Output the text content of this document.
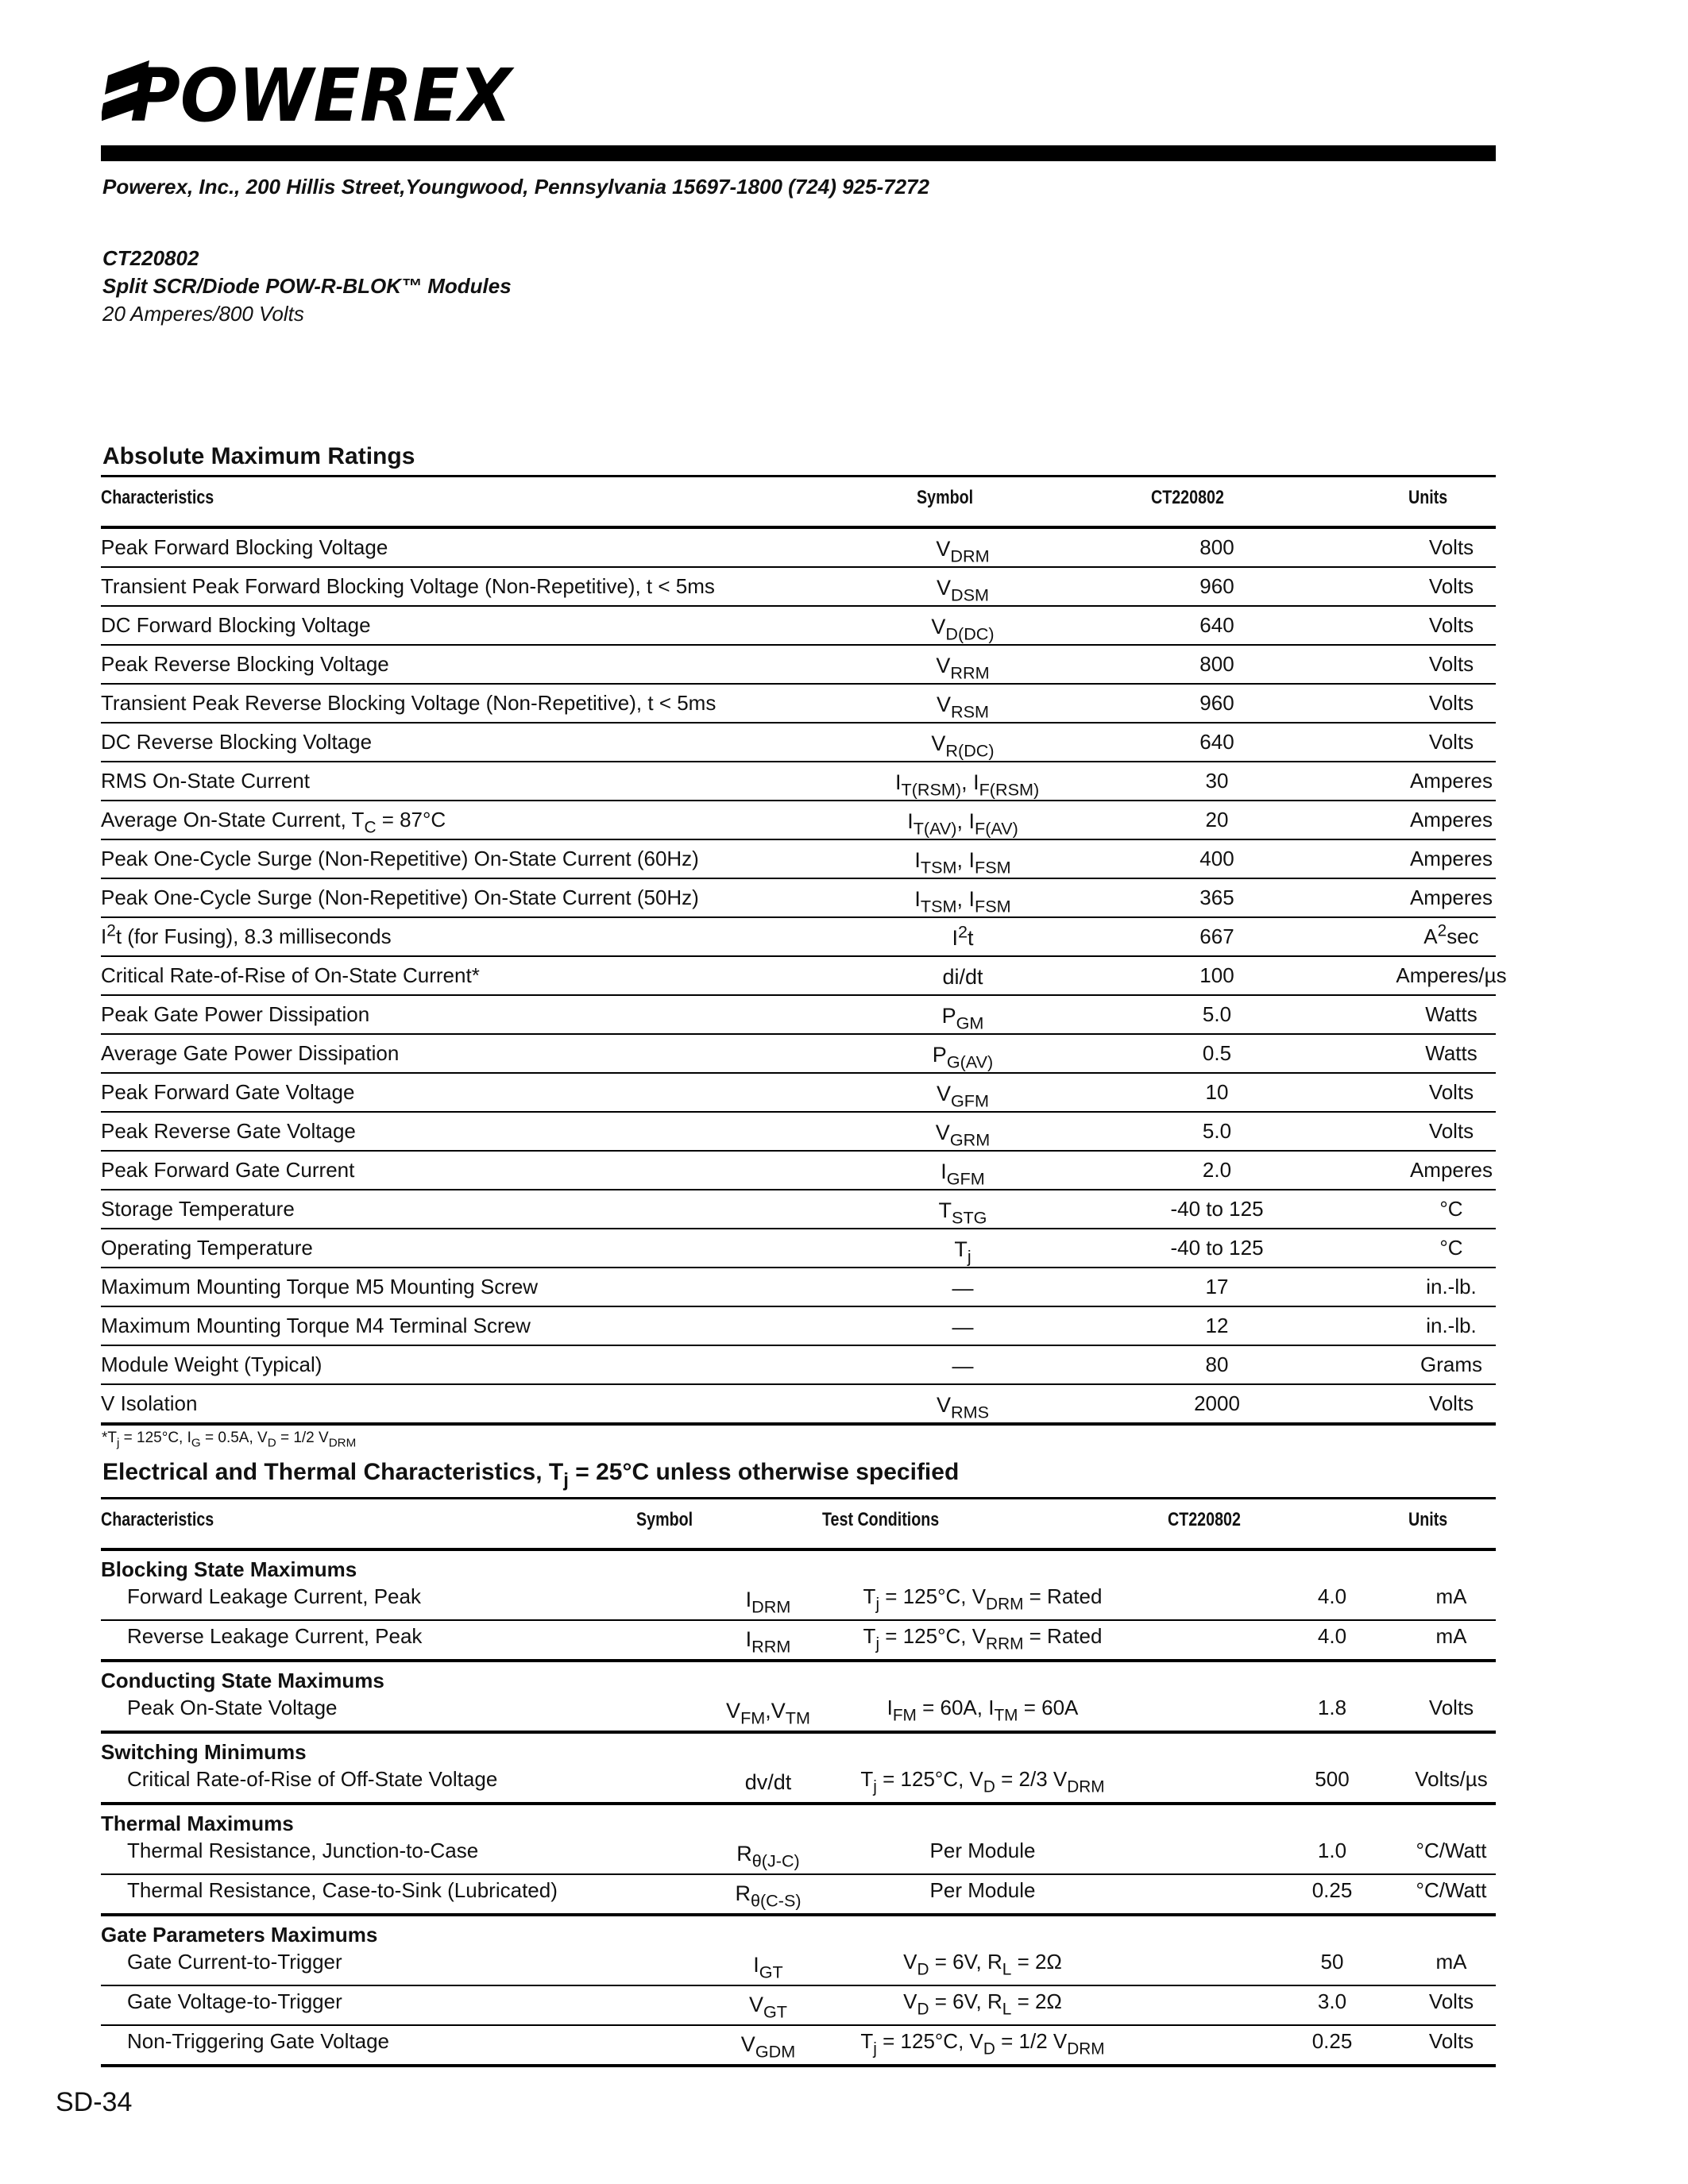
POWEREX
Powerex, Inc., 200 Hillis Street,Youngwood, Pennsylvania 15697-1800 (724) 925-7272
CT220802
Split SCR/Diode POW-R-BLOK™ Modules
20 Amperes/800 Volts
Absolute Maximum Ratings
Characteristics	Symbol	CT220802	Units
Peak Forward Blocking Voltage	$V_{DRM}$	800	Volts
Transient Peak Forward Blocking Voltage (Non-Repetitive), t < 5ms	$V_{DSM}$	960	Volts
DC Forward Blocking Voltage	$V_{D(DC)}$	640	Volts
Peak Reverse Blocking Voltage	$V_{RRM}$	800	Volts
Transient Peak Reverse Blocking Voltage (Non-Repetitive), t < 5ms	$V_{RSM}$	960	Volts
DC Reverse Blocking Voltage	$V_{R(DC)}$	640	Volts
RMS On-State Current	$I_{T(RSM)}$, $I_{F(RSM)}$	30	Amperes
Average On-State Current, $T_C = 87^\circ C$	$I_{T(AV)}$, $I_{F(AV)}$	20	Amperes
Peak One-Cycle Surge (Non-Repetitive) On-State Current (60Hz)	$I_{TSM}$, $I_{FSM}$	400	Amperes
Peak One-Cycle Surge (Non-Repetitive) On-State Current (50Hz)	$I_{TSM}$, $I_{FSM}$	365	Amperes
$I^2t$ (for Fusing), 8.3 milliseconds	$I^2t$	667	$A^2\sec$
Critical Rate-of-Rise of On-State Current*	di/dt	100	Amperes/µs
Peak Gate Power Dissipation	$P_{GM}$	5.0	Watts
Average Gate Power Dissipation	$P_{G(AV)}$	0.5	Watts
Peak Forward Gate Voltage	$V_{GFM}$	10	Volts
Peak Reverse Gate Voltage	$V_{GRM}$	5.0	Volts
Peak Forward Gate Current	$I_{GFM}$	2.0	Amperes
Storage Temperature	$T_{STG}$	-40 to 125	°C
Operating Temperature	$T_j$	-40 to 125	°C
Maximum Mounting Torque M5 Mounting Screw	—	17	in.-lb.
Maximum Mounting Torque M4 Terminal Screw	—	12	in.-lb.
Module Weight (Typical)	—	80	Grams
V Isolation	$V_{RMS}$	2000	Volts
$*T_j = 125^\circ C$, $I_G = 0.5A$, $V_D = 1/2$ $V_{DRM}$
Electrical and Thermal Characteristics, $T_j = 25^\circ C$ unless otherwise specified
Characteristics	Symbol	Test Conditions	CT220802	Units
Blocking State Maximums
Forward Leakage Current, Peak	$I_{DRM}$	$T_j = 125^\circ C$, $V_{DRM}$ = Rated	4.0	mA
Reverse Leakage Current, Peak	$I_{RRM}$	$T_j = 125^\circ C$, $V_{RRM}$ = Rated	4.0	mA
Conducting State Maximums
Peak On-State Voltage	$V_{FM},V_{TM}$	$I_{FM} = 60A$, $I_{TM} = 60A$	1.8	Volts
Switching Minimums
Critical Rate-of-Rise of Off-State Voltage	dv/dt	$T_j = 125^\circ C$, $V_D = 2/3$ $V_{DRM}$	500	Volts/µs
Thermal Maximums
Thermal Resistance, Junction-to-Case	$R_{\theta(J-C)}$	Per Module	1.0	°C/Watt
Thermal Resistance, Case-to-Sink (Lubricated)	$R_{\theta(C-S)}$	Per Module	0.25	°C/Watt
Gate Parameters Maximums
Gate Current-to-Trigger	$I_{GT}$	$V_D = 6V$, $R_L = 2\Omega$	50	mA
Gate Voltage-to-Trigger	$V_{GT}$	$V_D = 6V$, $R_L = 2\Omega$	3.0	Volts
Non-Triggering Gate Voltage	$V_{GDM}$	$T_j = 125^\circ C$, $V_D = 1/2$ $V_{DRM}$	0.25	Volts
SD-34
